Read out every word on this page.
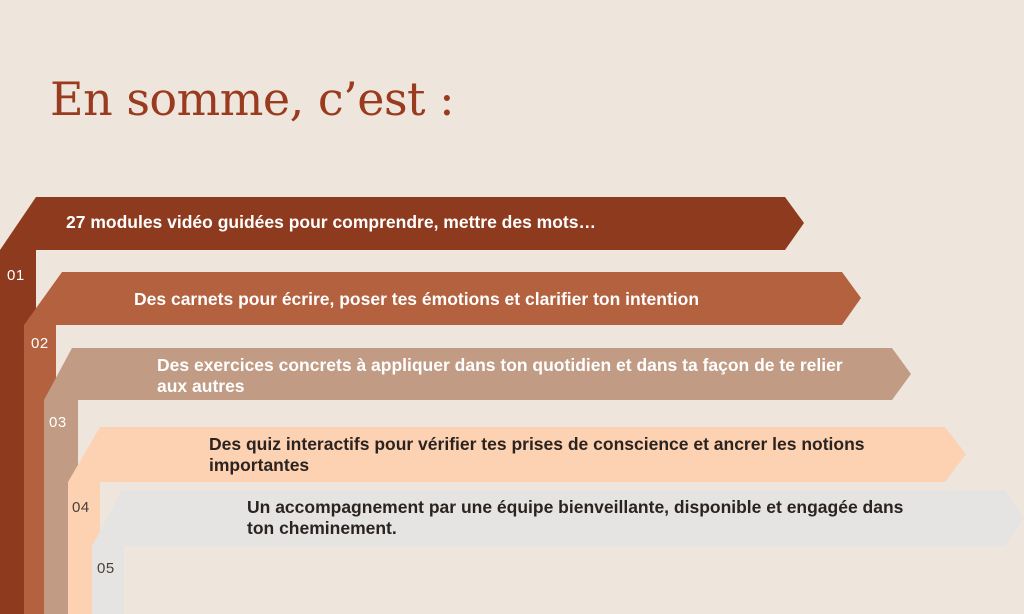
En somme, c’est :
27 modules vidéo guidées pour comprendre, mettre des mots…
Des carnets pour écrire, poser tes émotions et clarifier ton intention
Des exercices concrets à appliquer dans ton quotidien et dans ta façon de te relier aux autres
Des quiz interactifs pour vérifier tes prises de conscience et ancrer les notions importantes
Un accompagnement par une équipe bienveillante, disponible et engagée dans ton cheminement.
01
02
03
04
05
